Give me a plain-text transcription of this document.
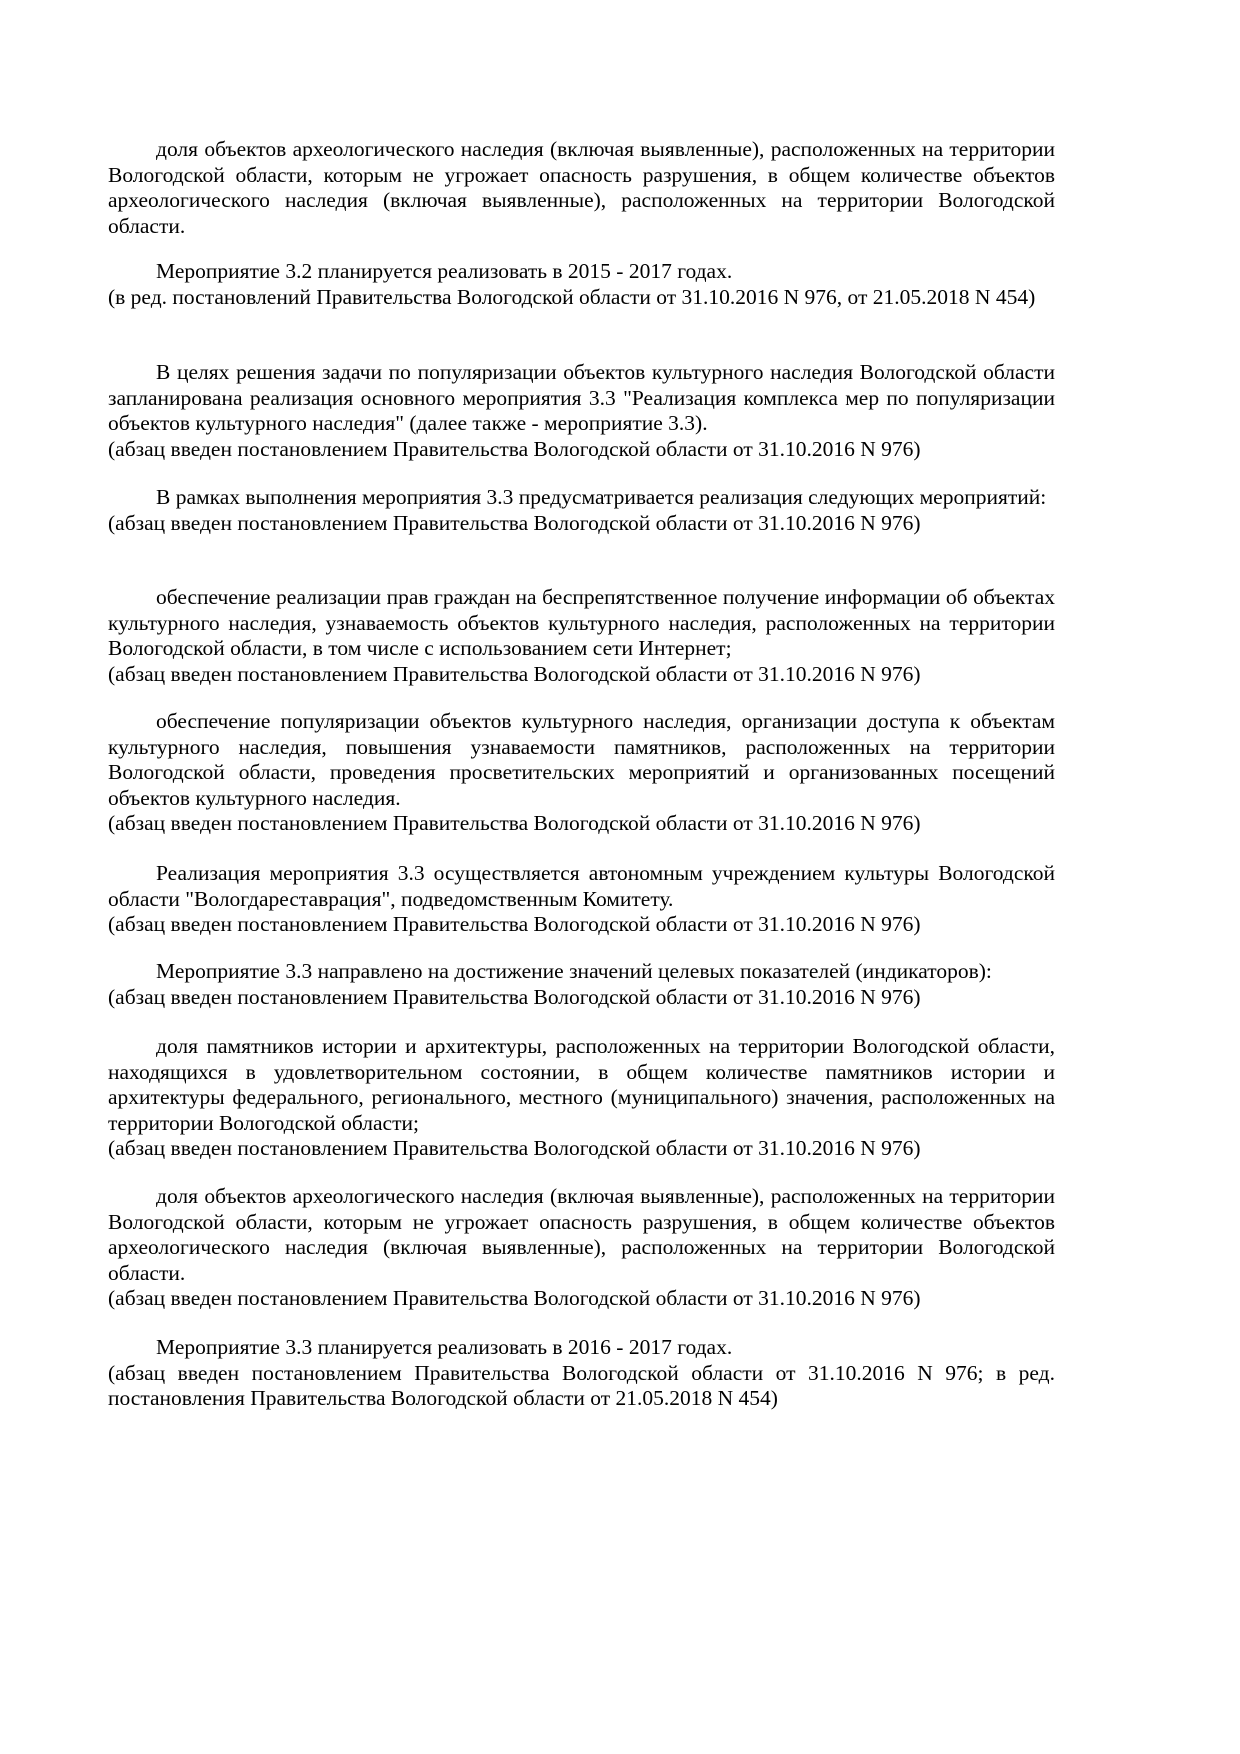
доля объектов археологического наследия (включая выявленные), расположенных на территории Вологодской области, которым не угрожает опасность разрушения, в общем количестве объектов археологического наследия (включая выявленные), расположенных на территории Вологодской области.

Мероприятие 3.2 планируется реализовать в 2015 - 2017 годах.

(в ред. постановлений Правительства Вологодской области от 31.10.2016 N 976, от 21.05.2018 N 454)

В целях решения задачи по популяризации объектов культурного наследия Вологодской области запланирована реализация основного мероприятия 3.3 "Реализация комплекса мер по популяризации объектов культурного наследия" (далее также - мероприятие 3.3).

(абзац введен постановлением Правительства Вологодской области от 31.10.2016 N 976)

В рамках выполнения мероприятия 3.3 предусматривается реализация следующих мероприятий:

(абзац введен постановлением Правительства Вологодской области от 31.10.2016 N 976)

обеспечение реализации прав граждан на беспрепятственное получение информации об объектах культурного наследия, узнаваемость объектов культурного наследия, расположенных на территории Вологодской области, в том числе с использованием сети Интернет;

(абзац введен постановлением Правительства Вологодской области от 31.10.2016 N 976)

обеспечение популяризации объектов культурного наследия, организации доступа к объектам культурного наследия, повышения узнаваемости памятников, расположенных на территории Вологодской области, проведения просветительских мероприятий и организованных посещений объектов культурного наследия.

(абзац введен постановлением Правительства Вологодской области от 31.10.2016 N 976)

Реализация мероприятия 3.3 осуществляется автономным учреждением культуры Вологодской области "Вологдареставрация", подведомственным Комитету.

(абзац введен постановлением Правительства Вологодской области от 31.10.2016 N 976)

Мероприятие 3.3 направлено на достижение значений целевых показателей (индикаторов):

(абзац введен постановлением Правительства Вологодской области от 31.10.2016 N 976)

доля памятников истории и архитектуры, расположенных на территории Вологодской области, находящихся в удовлетворительном состоянии, в общем количестве памятников истории и архитектуры федерального, регионального, местного (муниципального) значения, расположенных на территории Вологодской области;

(абзац введен постановлением Правительства Вологодской области от 31.10.2016 N 976)

доля объектов археологического наследия (включая выявленные), расположенных на территории Вологодской области, которым не угрожает опасность разрушения, в общем количестве объектов археологического наследия (включая выявленные), расположенных на территории Вологодской области.

(абзац введен постановлением Правительства Вологодской области от 31.10.2016 N 976)

Мероприятие 3.3 планируется реализовать в 2016 - 2017 годах.

(абзац введен постановлением Правительства Вологодской области от 31.10.2016 N 976; в ред. постановления Правительства Вологодской области от 21.05.2018 N 454)
